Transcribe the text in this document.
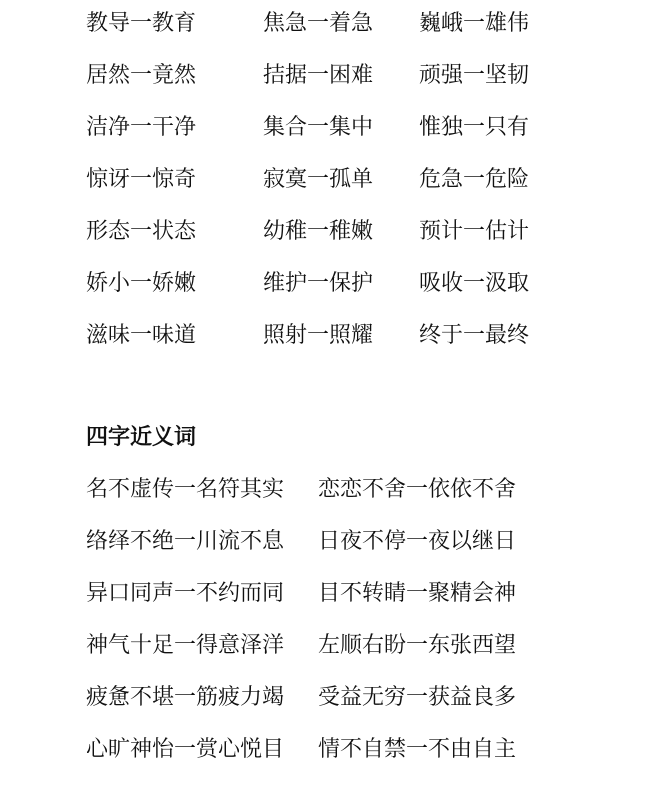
教导一教育	焦急一着急 巍峨一雄伟
居然一竟然	拮据一困难 顽强一坚韧
洁净一干净	集合一集中 惟独一只有
惊讶一惊奇	寂寞一孤单 危急一危险
形态一状态	幼稚一稚嫩 预计一估计
娇小一娇嫩	维护一保护 吸收一汲取
滋味一味道	照射一照耀 终于一最终
四字近义词
名不虚传一名符其实 恋恋不舍一依依不舍
络绎不绝一川流不息 日夜不停一夜以继日
异口同声一不约而同 目不转睛一聚精会神
神气十足一得意泽洋 左顺右盼一东张西望
疲惫不堪一筋疲力竭 受益无穷一获益良多
心旷神怡一赏心悦目 情不自禁一不由自主
